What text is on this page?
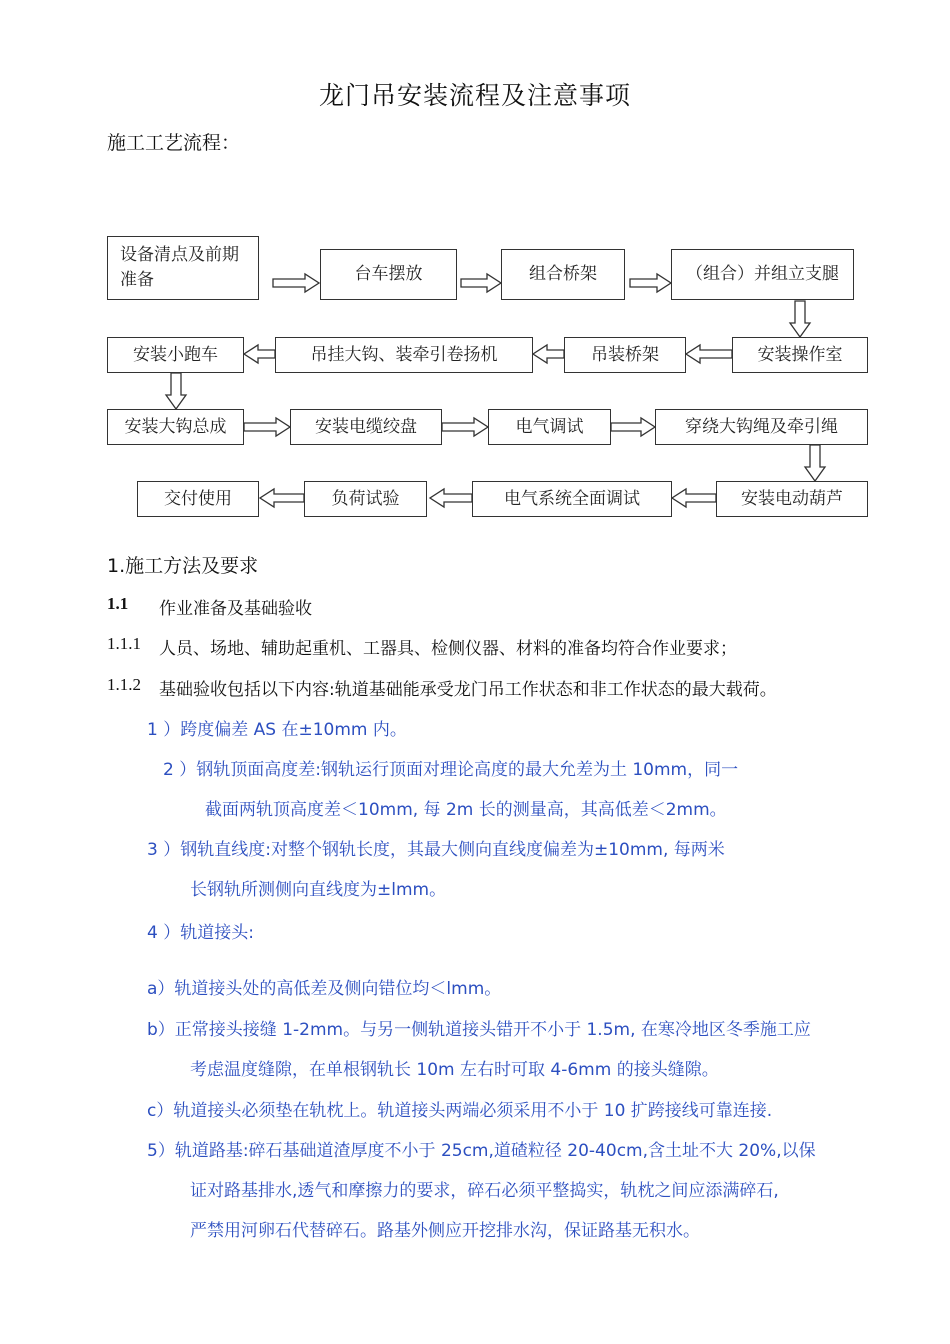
龙门吊安装流程及注意事项
施工工艺流程：
设备清点及前期准备	台车摆放	组合桥架	（组合）并组立支腿
安装小跑车	吊挂大钩、装牵引卷扬机	吊装桥架	安装操作室
安装大钩总成	安装电缆绞盘	电气调试	穿绕大钩绳及牵引绳
交付使用	负荷试验	电气系统全面调试	安装电动葫芦
1.施工方法及要求
1.1 作业准备及基础验收
1.1.1 人员、场地、辅助起重机、工器具、检侧仪器、材料的准备均符合作业要求；
1.1.2 基础验收包括以下内容:轨道基础能承受龙门吊工作状态和非工作状态的最大载荷。
1 ）跨度偏差 AS 在±10mm 内。
2 ）钢轨顶面高度差:钢轨运行顶面对理论高度的最大允差为土 10mm，同一
截面两轨顶高度差＜10mm, 每 2m 长的测量高，其高低差＜2mm。
3 ）钢轨直线度:对整个钢轨长度，其最大侧向直线度偏差为±10mm, 每两米
长钢轨所测侧向直线度为±lmm。
4 ）轨道接头:
a）轨道接头处的高低差及侧向错位均＜lmm。
b）正常接头接缝 1-2mm。与另一侧轨道接头错开不小于 1.5m, 在寒冷地区冬季施工应
考虑温度缝隙，在单根钢轨长 10m 左右时可取 4-6mm 的接头缝隙。
c）轨道接头必须垫在轨枕上。轨道接头两端必须采用不小于 10 扩跨接线可靠连接.
5）轨道路基:碎石基础道渣厚度不小于 25cm,道碴粒径 20-40cm,含土址不大 20%,以保
证对路基排水,透气和摩擦力的要求，碎石必须平整捣实，轨枕之间应添满碎石,
严禁用河卵石代替碎石。路基外侧应开挖排水沟，保证路基无积水。
